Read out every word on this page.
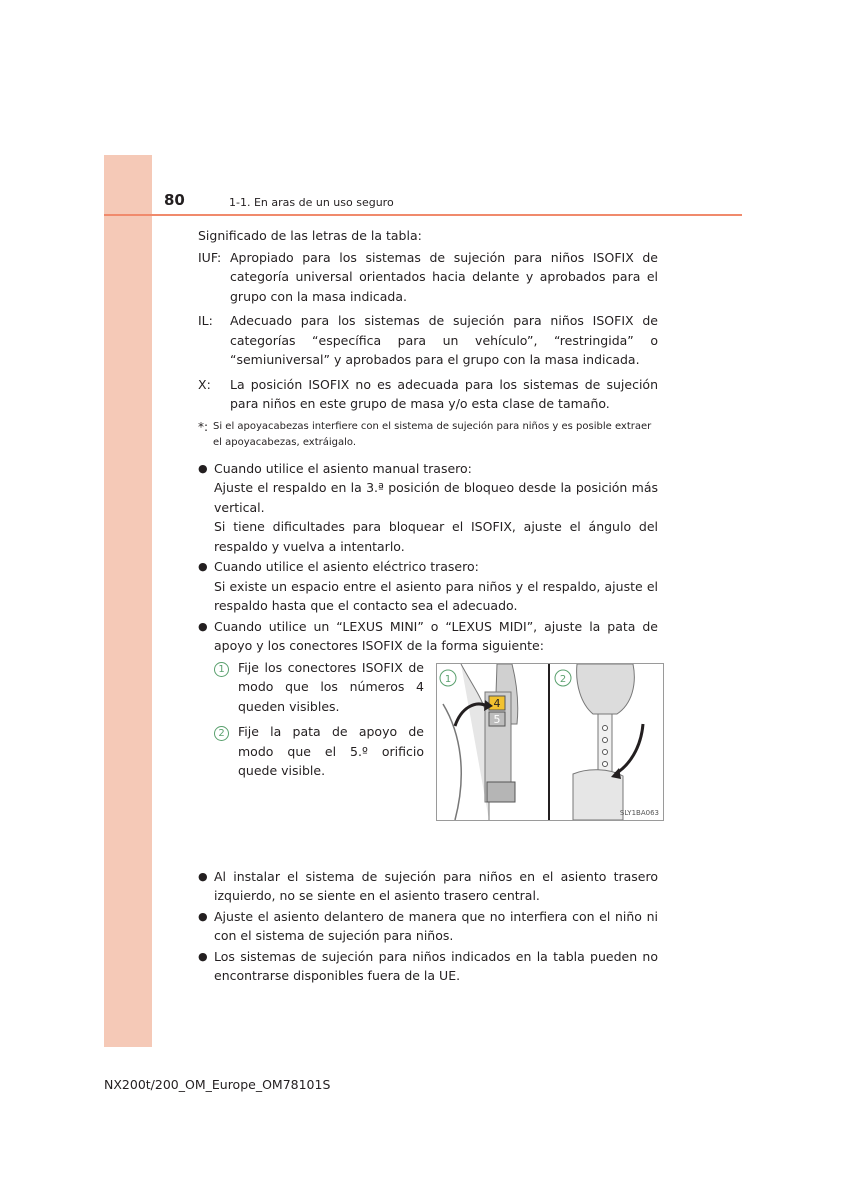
80	1-1. En aras de un uso seguro

Significado de las letras de la tabla:

IUF: Apropiado para los sistemas de sujeción para niños ISOFIX de categoría universal orientados hacia delante y aprobados para el grupo con la masa indicada.
IL:	Adecuado para los sistemas de sujeción para niños ISOFIX de categorías “específica para un vehículo”, “restringida” o “semiuniversal” y aprobados para el grupo con la masa indicada.
X:	La posición ISOFIX no es adecuada para los sistemas de sujeción para niños en este grupo de masa y/o esta clase de tamaño.
*: Si el apoyacabezas interfiere con el sistema de sujeción para niños y es posible extraer el apoyacabezas, extráigalo.
● Cuando utilice el asiento manual trasero:

Ajuste el respaldo en la 3.ª posición de bloqueo desde la posición más vertical.

Si tiene dificultades para bloquear el ISOFIX, ajuste el ángulo del respaldo y vuelva a intentarlo.

● Cuando utilice el asiento eléctrico trasero:

Si existe un espacio entre el asiento para niños y el respaldo, ajuste el respaldo hasta que el contacto sea el adecuado.

● Cuando utilice un “LEXUS MINI” o “LEXUS MIDI”, ajuste la pata de apoyo y los conectores ISOFIX de la forma siguiente:

1	Fije los conectores ISOFIX de modo que los números 4 queden visibles.
2	Fije la pata de apoyo de modo que el 5.º orificio quede visible.
● Al instalar el sistema de sujeción para niños en el asiento trasero izquierdo, no se siente en el asiento trasero central.

● Ajuste el asiento delantero de manera que no interfiera con el niño ni con el sistema de sujeción para niños.

● Los sistemas de sujeción para niños indicados en la tabla pueden no encontrarse disponibles fuera de la UE.

4
5
1	2
SLY1BA063
NX200t/200_OM_Europe_OM78101S
